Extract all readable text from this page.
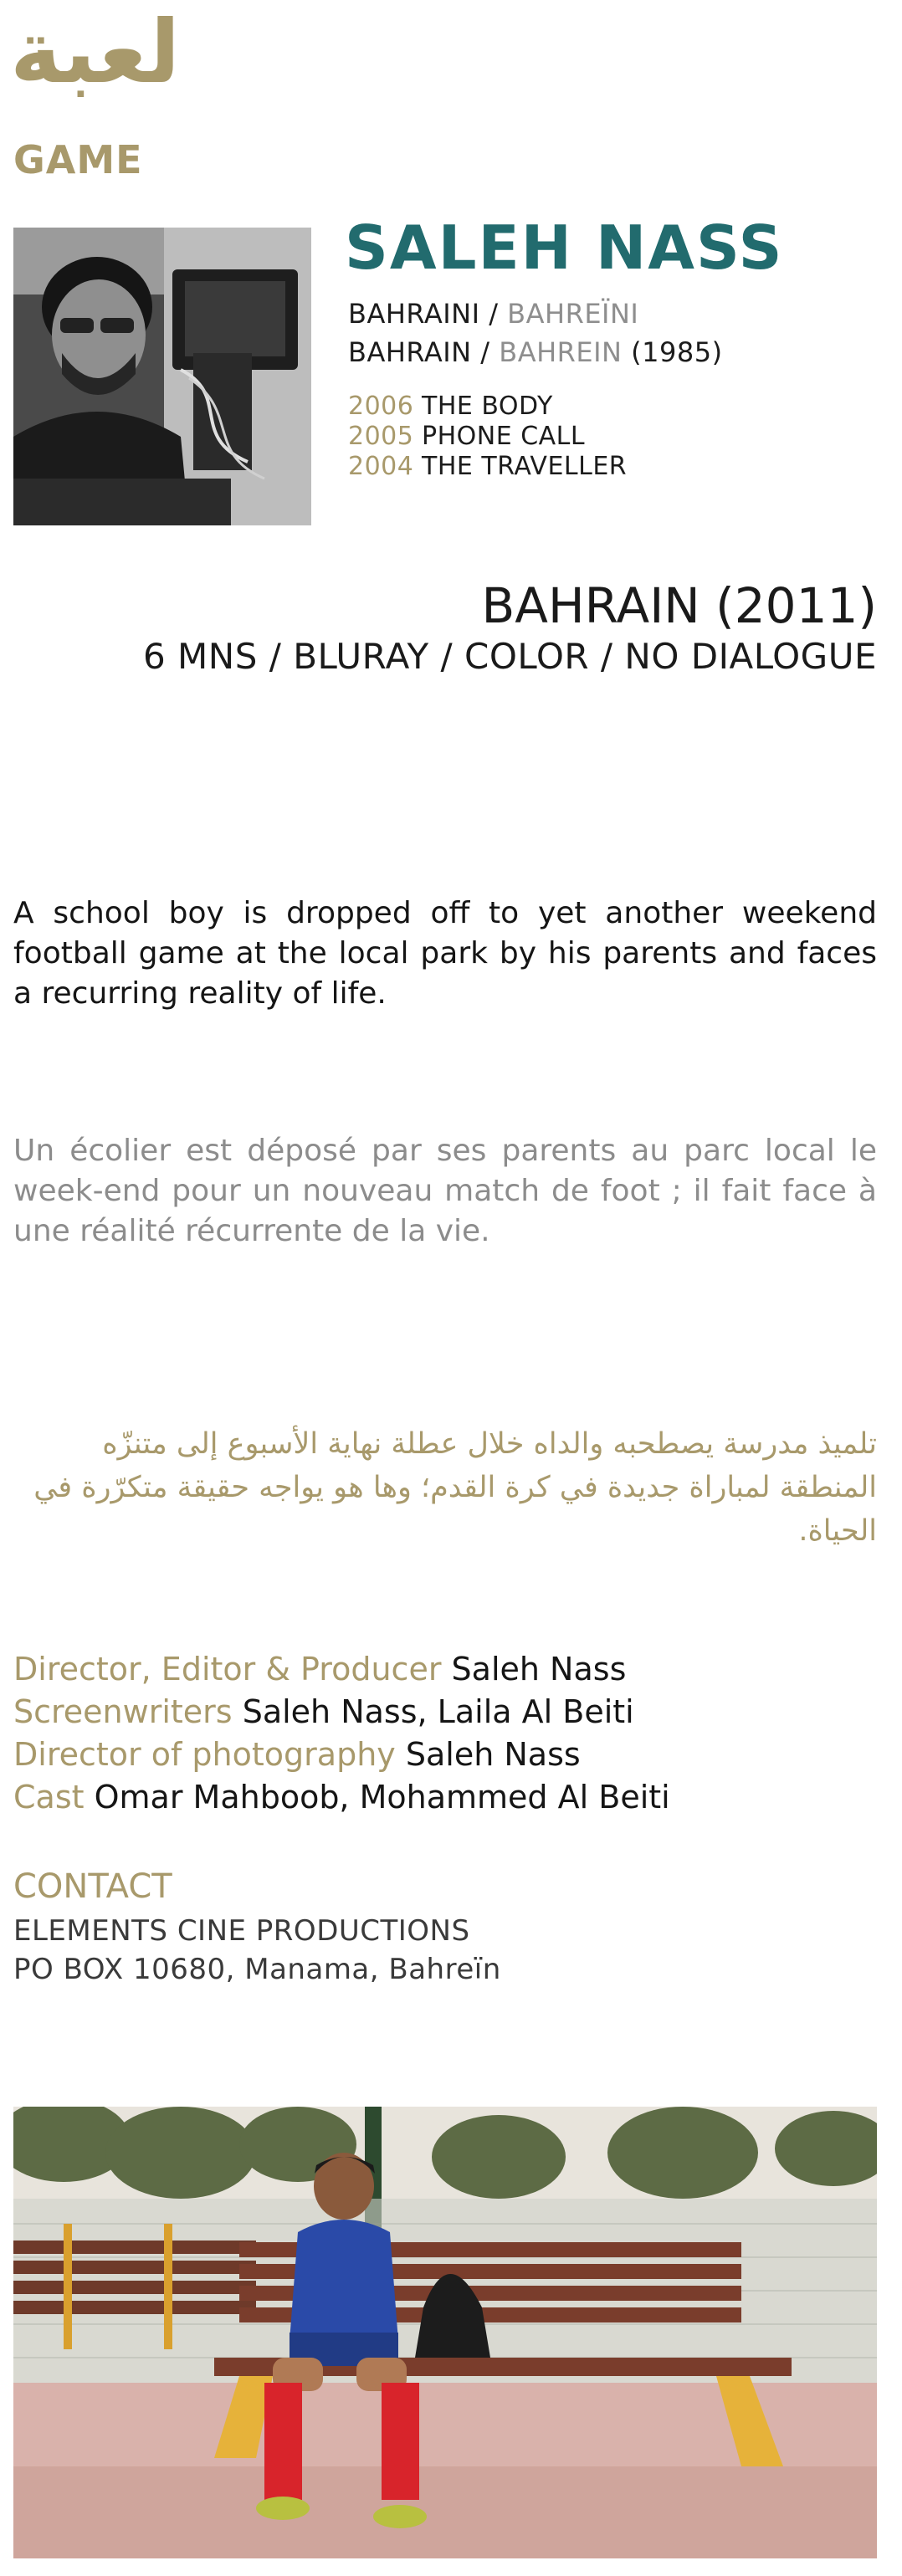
لعبة
GAME
SALEH NASS
BAHRAINI / BAHREÏNI
BAHRAIN / BAHREIN (1985)
2006 THE BODY
2005 PHONE CALL
2004 THE TRAVELLER
BAHRAIN (2011)
6 MNS / BLURAY / COLOR / NO DIALOGUE
A school boy is dropped off to yet another weekend football game at the local park by his parents and faces a recurring reality of life.
Un écolier est déposé par ses parents au parc local le week-end pour un nouveau match de foot ; il fait face à une réalité récurrente de la vie.
تلميذ مدرسة يصطحبه والداه خلال عطلة نهاية الأسبوع إلى متنزّه المنطقة لمباراة جديدة في كرة القدم؛ وها هو يواجه حقيقة متكرّرة في الحياة.
Director, Editor & Producer Saleh Nass
Screenwriters Saleh Nass, Laila Al Beiti
Director of photography Saleh Nass
Cast Omar Mahboob, Mohammed Al Beiti
CONTACT
ELEMENTS CINE PRODUCTIONS
PO BOX 10680, Manama, Bahreïn
